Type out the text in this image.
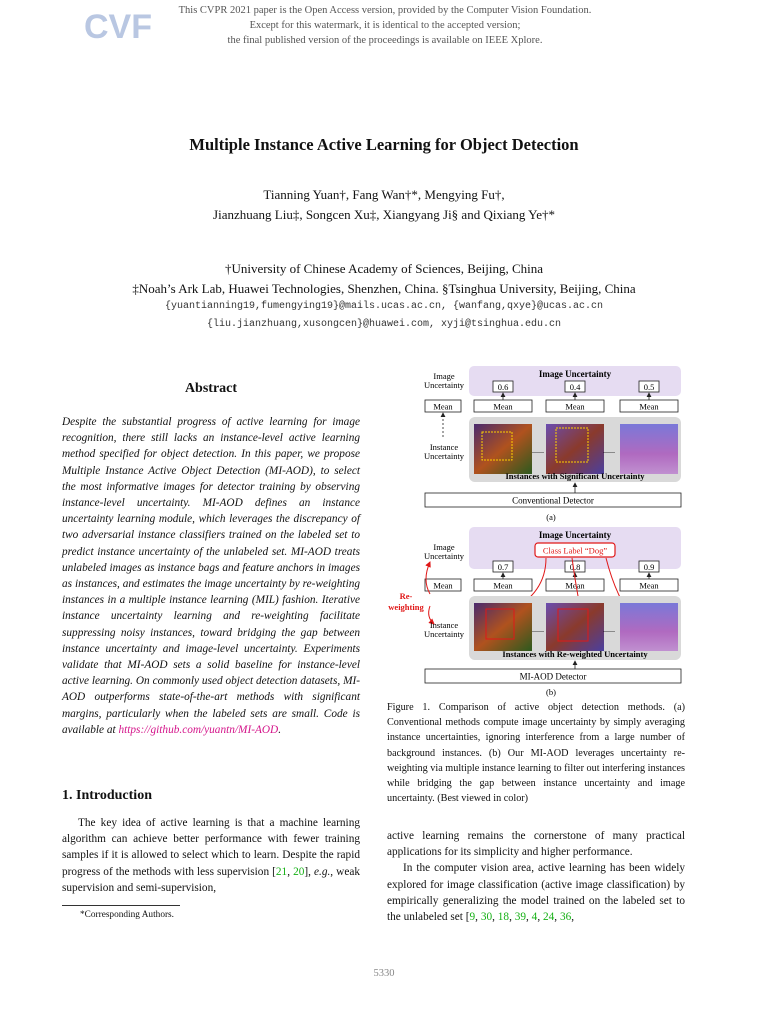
CVF	This CVPR 2021 paper is the Open Access version, provided by the Computer Vision Foundation.
Except for this watermark, it is identical to the accepted version;
the final published version of the proceedings is available on IEEE Xplore.
Multiple Instance Active Learning for Object Detection
Tianning Yuan†, Fang Wan†*, Mengying Fu†,
Jianzhuang Liu‡, Songcen Xu‡, Xiangyang Ji§ and Qixiang Ye†*
†University of Chinese Academy of Sciences, Beijing, China
‡Noah’s Ark Lab, Huawei Technologies, Shenzhen, China. §Tsinghua University, Beijing, China
{yuantianning19,fumengying19}@mails.ucas.ac.cn, {wanfang,qxye}@ucas.ac.cn
{liu.jianzhuang,xusongcen}@huawei.com, xyji@tsinghua.edu.cn
Abstract
Despite the substantial progress of active learning for image recognition, there still lacks an instance-level active learning method specified for object detection. In this paper, we propose Multiple Instance Active Object Detection (MI-AOD), to select the most informative images for detector training by observing instance-level uncertainty. MI-AOD defines an instance uncertainty learning module, which leverages the discrepancy of two adversarial instance classifiers trained on the labeled set to predict instance uncertainty of the unlabeled set. MI-AOD treats unlabeled images as instance bags and feature anchors in images as instances, and estimates the image uncertainty by re-weighting instances in a multiple instance learning (MIL) fashion. Iterative instance uncertainty learning and re-weighting facilitate suppressing noisy instances, toward bridging the gap between instance uncertainty and image-level uncertainty. Experiments validate that MI-AOD sets a solid baseline for instance-level active learning. On commonly used object detection datasets, MI-AOD outperforms state-of-the-art methods with significant margins, particularly when the labeled sets are small. Code is available at https://github.com/yuantn/MI-AOD.
1. Introduction
The key idea of active learning is that a machine learning algorithm can achieve better performance with fewer training samples if it is allowed to select which to learn. Despite the rapid progress of the methods with less supervision [21, 20], e.g., weak supervision and semi-supervision,
*Corresponding Authors.
Image Uncertainty
Image
Uncertainty	0.6	0.4	0.5
Mean	Mean	Mean	Mean
......	......
Instances with Significant Uncertainty
Instance
Uncertainty
Conventional Detector
(a)
Image Uncertainty
Class Label “Dog”
Image
Uncertainty
0.7	0.8	0.9
Mean	Mean	Mean	Mean
Re-
weighting
......	......
Instances with Re-weighted Uncertainty
Instance
Uncertainty
MI-AOD Detector
(b)
Figure 1. Comparison of active object detection methods. (a) Conventional methods compute image uncertainty by simply averaging instance uncertainties, ignoring interference from a large number of background instances. (b) Our MI-AOD leverages uncertainty re-weighting via multiple instance learning to filter out interfering instances while bridging the gap between instance uncertainty and image uncertainty. (Best viewed in color)
active learning remains the cornerstone of many practical applications for its simplicity and higher performance.
In the computer vision area, active learning has been widely explored for image classification (active image classification) by empirically generalizing the model trained on the labeled set to the unlabeled set [9, 30, 18, 39, 4, 24, 36,
5330
